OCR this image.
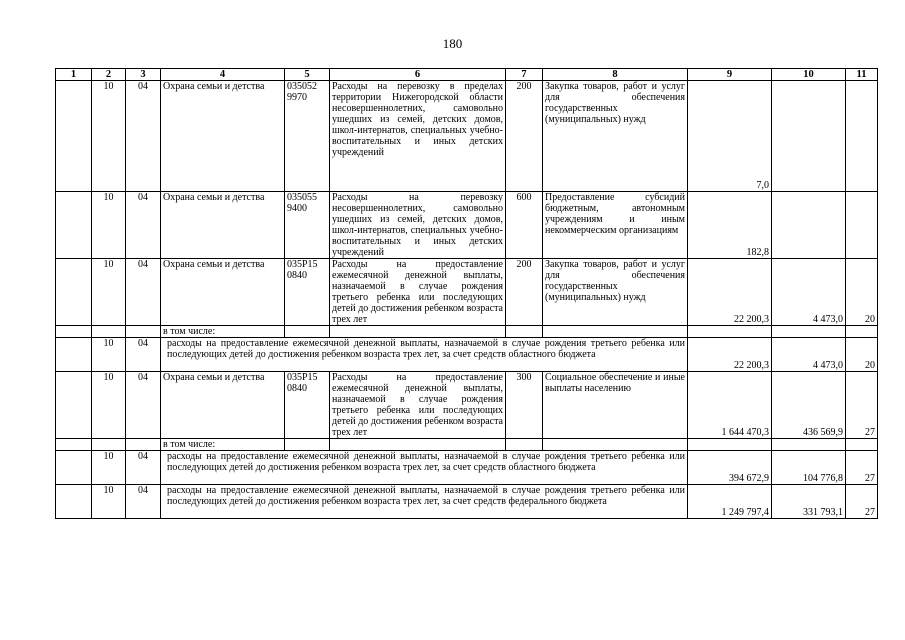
180
1	2	3	4	5	6	7	8	9	10	11
	10	04	Охрана семьи и детства	035052 9970	Расходы на перевозку в пределах территории Нижегородской области несовершеннолетних, самовольно ушедших из семей, детских домов, школ-интернатов, специальных учебно-воспитательных и иных детских учреждений	200	Закупка товаров, работ и услуг для обеспечения государственных (муниципальных) нужд	7,0		
	10	04	Охрана семьи и детства	035055 9400	Расходы на перевозку несовершеннолетних, самовольно ушедших из семей, детских домов, школ-интернатов, специальных учебно-воспитательных и иных детских учреждений	600	Предоставление субсидий бюджетным, автономным учреждениям и иным некоммерческим организациям	182,8		
	10	04	Охрана семьи и детства	035P15 0840	Расходы на предоставление ежемесячной денежной выплаты, назначаемой в случае рождения третьего ребенка или последующих детей до достижения ребенком возраста трех лет	200	Закупка товаров, работ и услуг для обеспечения государственных (муниципальных) нужд	22 200,3	4 473,0	20
			в том числе:							
	10	04	расходы на предоставление ежемесячной денежной выплаты, назначаемой в случае рождения третьего ребенка или последующих детей до достижения ребенком возраста трех лет, за счет средств областного бюджета					22 200,3	4 473,0	20
	10	04	Охрана семьи и детства	035P15 0840	Расходы на предоставление ежемесячной денежной выплаты, назначаемой в случае рождения третьего ребенка или последующих детей до достижения ребенком возраста трех лет	300	Социальное обеспечение и иные выплаты населению	1 644 470,3	436 569,9	27
			в том числе:							
	10	04	расходы на предоставление ежемесячной денежной выплаты, назначаемой в случае рождения третьего ребенка или последующих детей до достижения ребенком возраста трех лет, за счет средств областного бюджета					394 672,9	104 776,8	27
	10	04	расходы на предоставление ежемесячной денежной выплаты, назначаемой в случае рождения третьего ребенка или последующих детей до достижения ребенком возраста трех лет, за счет средств федерального бюджета					1 249 797,4	331 793,1	27
